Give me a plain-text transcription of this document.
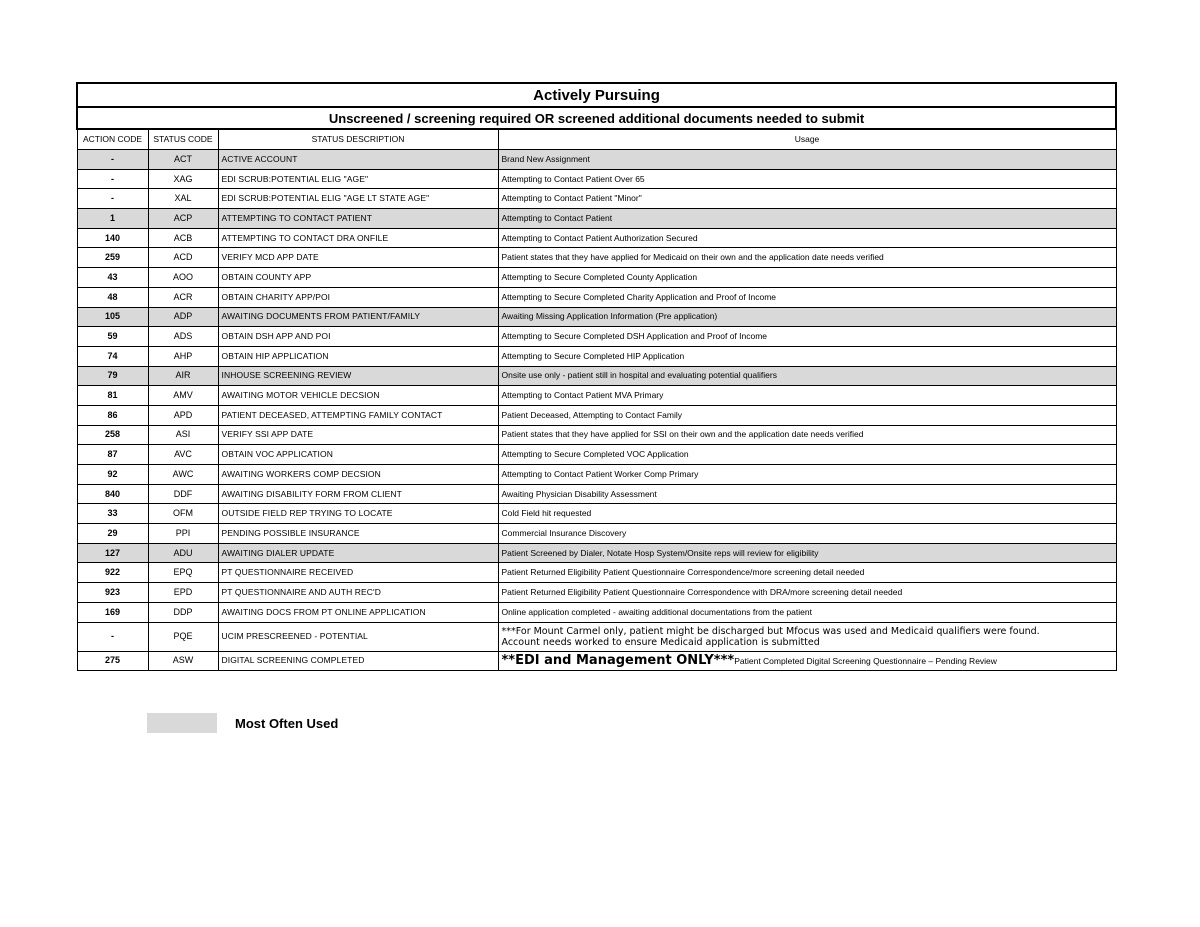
Actively Pursuing			
Unscreened / screening required OR screened additional documents needed to submit			
ACTION CODE	STATUS CODE	STATUS DESCRIPTION	Usage
-	ACT	ACTIVE ACCOUNT	Brand New Assignment
-	XAG	EDI SCRUB:POTENTIAL ELIG "AGE"	Attempting to Contact Patient Over 65
-	XAL	EDI SCRUB:POTENTIAL ELIG "AGE LT STATE AGE"	Attempting to Contact Patient "Minor"
1	ACP	ATTEMPTING TO CONTACT PATIENT	Attempting to Contact Patient
140	ACB	ATTEMPTING TO CONTACT DRA ONFILE	Attempting to Contact Patient Authorization Secured
259	ACD	VERIFY MCD APP DATE	Patient states that they have applied for Medicaid on their own and the application date needs verified
43	AOO	OBTAIN COUNTY APP	Attempting to Secure Completed County Application
48	ACR	OBTAIN CHARITY APP/POI	Attempting to Secure Completed Charity Application and Proof of Income
105	ADP	AWAITING DOCUMENTS FROM PATIENT/FAMILY	Awaiting Missing Application Information (Pre application)
59	ADS	OBTAIN DSH APP AND POI	Attempting to Secure Completed DSH Application and Proof of Income
74	AHP	OBTAIN HIP APPLICATION	Attempting to Secure Completed HIP Application
79	AIR	INHOUSE SCREENING REVIEW	Onsite use only - patient still in hospital and evaluating potential qualifiers
81	AMV	AWAITING MOTOR VEHICLE DECSION	Attempting to Contact Patient MVA Primary
86	APD	PATIENT DECEASED, ATTEMPTING FAMILY CONTACT	Patient Deceased, Attempting to Contact Family
258	ASI	VERIFY SSI APP DATE	Patient states that they have applied for SSI on their own and the application date needs verified
87	AVC	OBTAIN VOC APPLICATION	Attempting to Secure Completed VOC Application
92	AWC	AWAITING WORKERS COMP DECSION	Attempting to Contact Patient Worker Comp Primary
840	DDF	AWAITING DISABILITY FORM FROM CLIENT	Awaiting Physician Disability Assessment
33	OFM	OUTSIDE FIELD REP TRYING TO LOCATE	Cold Field hit requested
29	PPI	PENDING POSSIBLE INSURANCE	Commercial Insurance Discovery
127	ADU	AWAITING DIALER UPDATE	Patient Screened by Dialer, Notate Hosp System/Onsite reps will review for eligibility
922	EPQ	PT QUESTIONNAIRE RECEIVED	Patient Returned Eligibility Patient Questionnaire Correspondence/more screening detail needed
923	EPD	PT QUESTIONNAIRE AND AUTH REC'D	Patient Returned Eligibility Patient Questionnaire Correspondence with DRA/more screening detail needed
169	DDP	AWAITING DOCS FROM PT ONLINE APPLICATION	Online application completed - awaiting additional documentations from the patient
-	PQE	UCIM PRESCREENED - POTENTIAL	***For Mount Carmel only, patient might be discharged but Mfocus was used and Medicaid qualifiers were found.
Account needs worked to ensure Medicaid application is submitted

275	ASW	DIGITAL SCREENING COMPLETED	**EDI and Management ONLY***Patient Completed Digital Screening Questionnaire – Pending Review
Most Often Used
